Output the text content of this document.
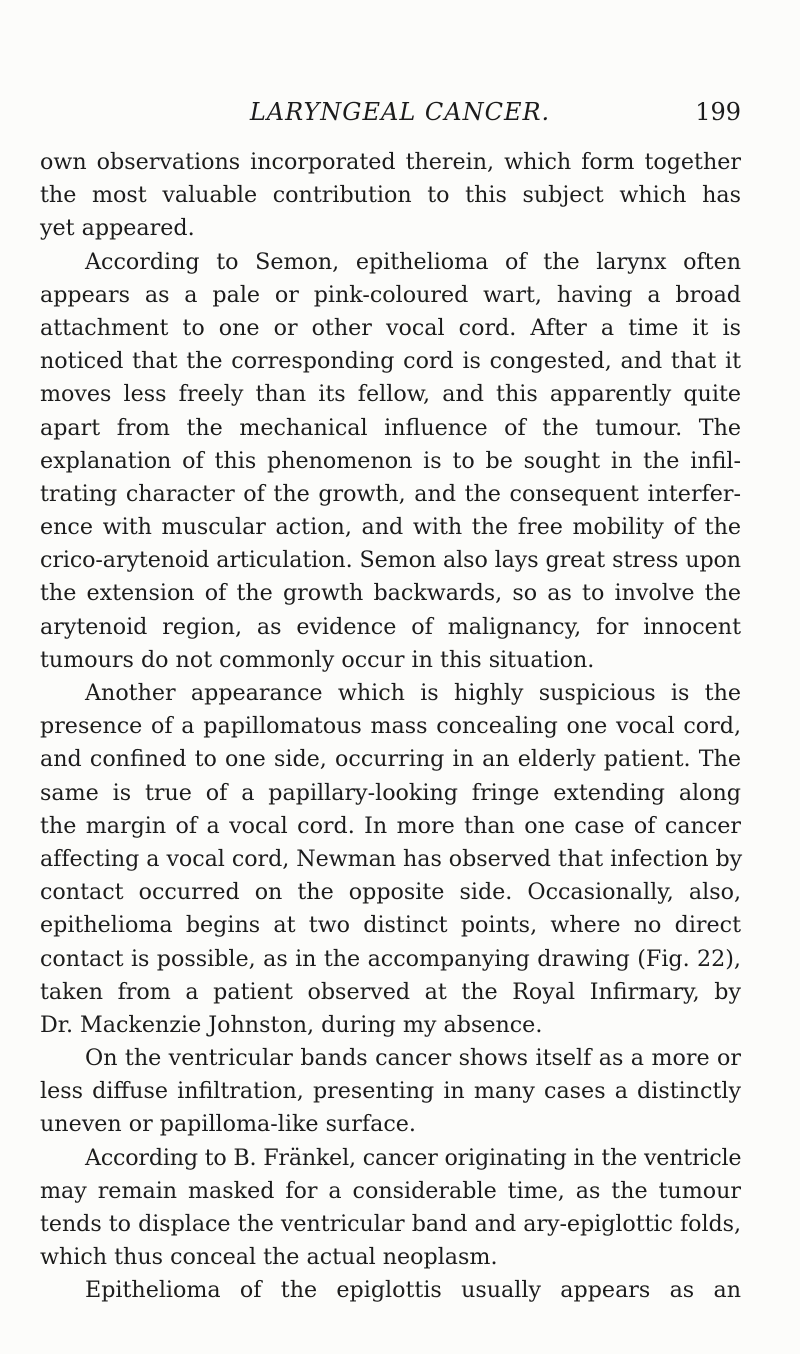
LARYNGEAL CANCER.	199
own observations incorporated therein, which form together
the most valuable contribution to this subject which has
yet appeared.
According to Semon, epithelioma of the larynx often
appears as a pale or pink-coloured wart, having a broad
attachment to one or other vocal cord. After a time it is
noticed that the corresponding cord is congested, and that it
moves less freely than its fellow, and this apparently quite
apart from the mechanical influence of the tumour. The
explanation of this phenomenon is to be sought in the infil-
trating character of the growth, and the consequent interfer-
ence with muscular action, and with the free mobility of the
crico-arytenoid articulation. Semon also lays great stress upon
the extension of the growth backwards, so as to involve the
arytenoid region, as evidence of malignancy, for innocent
tumours do not commonly occur in this situation.
Another appearance which is highly suspicious is the
presence of a papillomatous mass concealing one vocal cord,
and confined to one side, occurring in an elderly patient. The
same is true of a papillary-looking fringe extending along
the margin of a vocal cord. In more than one case of cancer
affecting a vocal cord, Newman has observed that infection by
contact occurred on the opposite side. Occasionally, also,
epithelioma begins at two distinct points, where no direct
contact is possible, as in the accompanying drawing (Fig. 22),
taken from a patient observed at the Royal Infirmary, by
Dr. Mackenzie Johnston, during my absence.
On the ventricular bands cancer shows itself as a more or
less diffuse infiltration, presenting in many cases a distinctly
uneven or papilloma-like surface.
According to B. Fränkel, cancer originating in the ventricle
may remain masked for a considerable time, as the tumour
tends to displace the ventricular band and ary-epiglottic folds,
which thus conceal the actual neoplasm.
Epithelioma of the epiglottis usually appears as an
